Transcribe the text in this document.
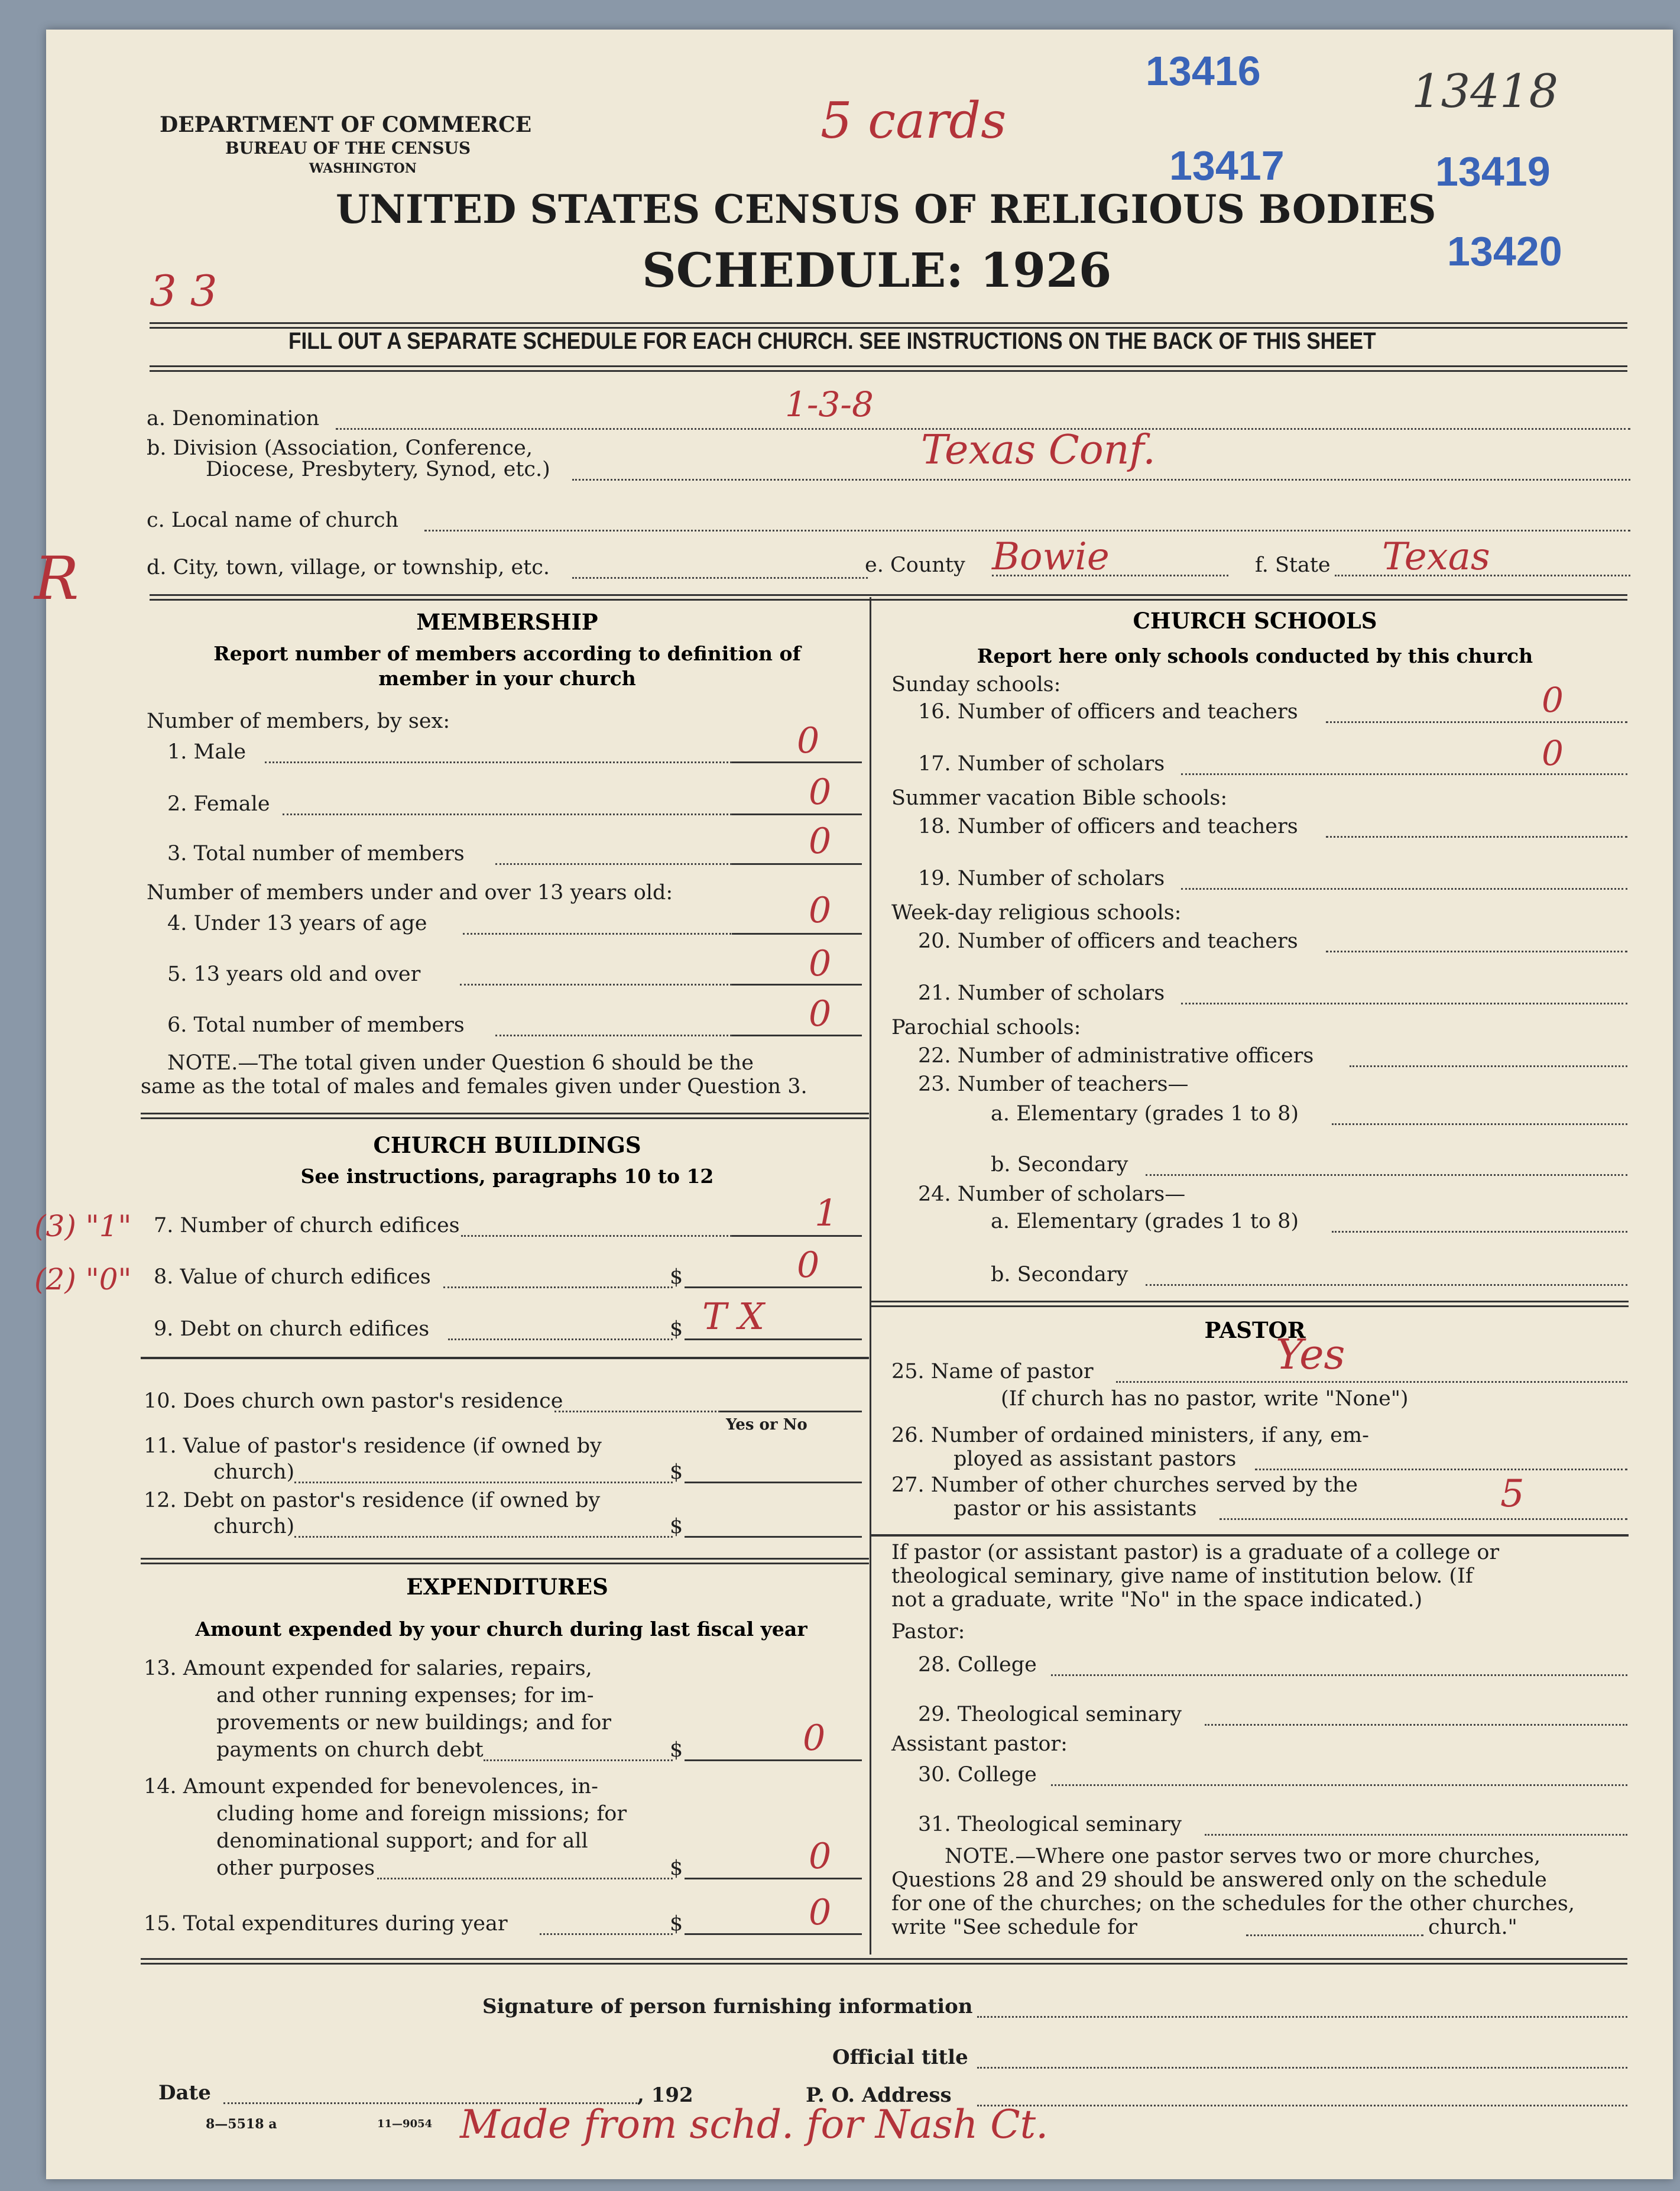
DEPARTMENT OF COMMERCE
BUREAU OF THE CENSUS
WASHINGTON
UNITED STATES CENSUS OF RELIGIOUS BODIES
SCHEDULE: 1926
13416
13417	13419
13420
13418
5 cards
3 3
FILL OUT A SEPARATE SCHEDULE FOR EACH CHURCH. SEE INSTRUCTIONS ON THE BACK OF THIS SHEET
a. Denomination	1-3-8
b. Division (Association, Conference,
Diocese, Presbytery, Synod, etc.)	Texas Conf.
c. Local name of church
d. City, town, village, or township, etc.	e. County Bowie	f. State Texas
R
MEMBERSHIP
Report number of members according to definition of
member in your church
Number of members, by sex:
1. Male	0
2. Female	0
3. Total number of members	0
Number of members under and over 13 years old:
4. Under 13 years of age	0
5. 13 years old and over	0
6. Total number of members	0
NOTE.—The total given under Question 6 should be the
same as the total of males and females given under Question 3.
CHURCH BUILDINGS
See instructions, paragraphs 10 to 12
(3) "1" 7. Number of church edifices	1
(2) "0" 8. Value of church edifices	$	0
9. Debt on church edifices	$ T X
Yes or No
10. Does church own pastor's residence
11. Value of pastor's residence (if owned by
church)	$
12. Debt on pastor's residence (if owned by
church)	$
EXPENDITURES
Amount expended by your church during last fiscal year
13. Amount expended for salaries, repairs,
and other running expenses; for im-
provements or new buildings; and for
payments on church debt	$	0
14. Amount expended for benevolences, in-
cluding home and foreign missions; for
denominational support; and for all
other purposes	$	0
15. Total expenditures during year	$	0
CHURCH SCHOOLS
Report here only schools conducted by this church
Sunday schools:
16. Number of officers and teachers	0
17. Number of scholars	0
Summer vacation Bible schools:
18. Number of officers and teachers
19. Number of scholars
Week-day religious schools:
20. Number of officers and teachers
21. Number of scholars
Parochial schools:
22. Number of administrative officers
23. Number of teachers—
a. Elementary (grades 1 to 8)
b. Secondary
24. Number of scholars—
a. Elementary (grades 1 to 8)
b. Secondary
PASTOR
25. Name of pastor	Yes
(If church has no pastor, write "None")
26. Number of ordained ministers, if any, em-
ployed as assistant pastors
27. Number of other churches served by the
pastor or his assistants	5
If pastor (or assistant pastor) is a graduate of a college or
theological seminary, give name of institution below. (If
not a graduate, write "No" in the space indicated.)
Pastor:
28. College
29. Theological seminary
Assistant pastor:
30. College
31. Theological seminary
NOTE.—Where one pastor serves two or more churches,
Questions 28 and 29 should be answered only on the schedule
for one of the churches; on the schedules for the other churches,
write "See schedule for	church."
Signature of person furnishing information
Official title
Date	, 192	P. O. Address
8—5518 a	11—9054 Made from schd. for Nash Ct.
